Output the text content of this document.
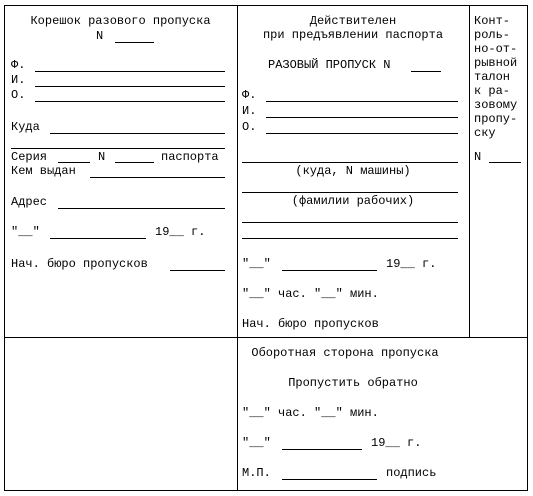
Корешок разового пропуска
N
Ф.
И.
О.
Куда
Серия	N	паспорта
Кем выдан
Адрес
"__"	19__ г.
Нач. бюро пропусков
Действителен
при предъявлении паспорта
РАЗОВЫЙ ПРОПУСК N
Ф.
И.
О.
(куда, N машины)
(фамилии рабочих)
"__"	19__ г.
"__" час. "__" мин.
Нач. бюро пропусков
Конт-
роль-
но-от-
рывной
талон
к ра-
зовому
пропу-
ску
N
Оборотная сторона пропуска
Пропустить обратно
"__" час. "__" мин.
"__"	19__ г.
М.П.	подпись
